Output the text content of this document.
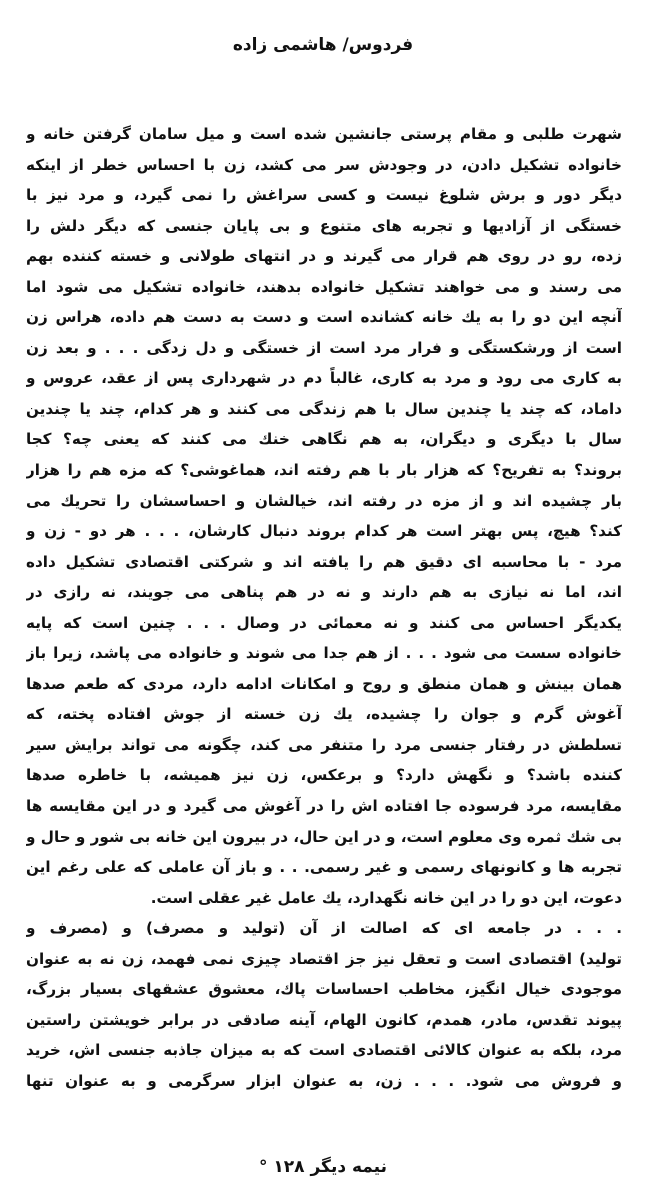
فردوس/ هاشمی زاده
شهرت طلبی و مقام پرستی جانشین شده است و میل سامان گرفتن خانه و
خانواده تشکیل دادن، در وجودش سر می کشد، زن با احساس خطر از اینکه
دیگر دور و برش شلوغ نیست و کسی سراغش را نمی گیرد، و مرد نیز با
خستگی از آزادیها و تجربه های متنوع و بی پایان جنسی که دیگر دلش را
زده، رو در روی هم قرار می گیرند و در انتهای طولانی و خسته کننده بهم
می رسند و می خواهند تشکیل خانواده بدهند، خانواده تشکیل می شود اما
آنچه این دو را به یك خانه کشانده است و دست به دست هم داده، هراس زن
است از ورشکستگی و فرار مرد است از خستگی و دل زدگی . . . و بعد زن
به کاری می رود و مرد به کاری، غالباً دم در شهرداری پس از عقد، عروس و
داماد، که چند یا چندین سال با هم زندگی می کنند و هر کدام، چند یا چندین
سال با دیگری و دیگران، به هم نگاهی خنك می کنند که یعنی چه؟ کجا
بروند؟ به تفریح؟ که هزار بار با هم رفته اند، هماغوشی؟ که مزه هم را هزار
بار چشیده اند و از مزه در رفته اند، خیالشان و احساسشان را تحریك می
کند؟ هیچ، پس بهتر است هر کدام بروند دنبال کارشان، . . . هر دو - زن و
مرد - با محاسبه ای دقیق هم را یافته اند و شرکتی اقتصادی تشکیل داده
اند، اما نه نیازی به هم دارند و نه در هم پناهی می جویند، نه رازی در
یکدیگر احساس می کنند و نه معمائی در وصال . . . چنین است که پایه
خانواده سست می شود . . . از هم جدا می شوند و خانواده می پاشد، زیرا باز
همان بینش و همان منطق و روح و امکانات ادامه دارد، مردی که طعم صدها
آغوش گرم و جوان را چشیده، یك زن خسته از جوش افتاده پخته، که
تسلطش در رفتار جنسی مرد را متنفر می کند، چگونه می تواند برایش سیر
کننده باشد؟ و نگهش دارد؟ و برعکس، زن نیز همیشه، با خاطره صدها
مقایسه، مرد فرسوده جا افتاده اش را در آغوش می گیرد و در این مقایسه ها
بی شك ثمره وی معلوم است، و در این حال، در بیرون این خانه بی شور و حال و
تجربه ها و کانونهای رسمی و غیر رسمی. . . و باز آن عاملی که علی رغم این
دعوت، این دو را در این خانه نگهدارد، یك عامل غیر عقلی است.
. . . در جامعه ای که اصالت از آن (تولید و مصرف) و (مصرف و
تولید) اقتصادی است و تعقل نیز جز اقتصاد چیزی نمی فهمد، زن نه به عنوان
موجودی خیال انگیز، مخاطب احساسات پاك، معشوق عشقهای بسیار بزرگ،
پیوند تقدس، مادر، همدم، کانون الهام، آینه صادقی در برابر خویشتن راستین
مرد، بلکه به عنوان کالائی اقتصادی است که به میزان جاذبه جنسی اش، خرید
و فروش می شود. . . . زن، به عنوان ابزار سرگرمی و به عنوان تنها
نیمه دیگر ۱۲۸ °
